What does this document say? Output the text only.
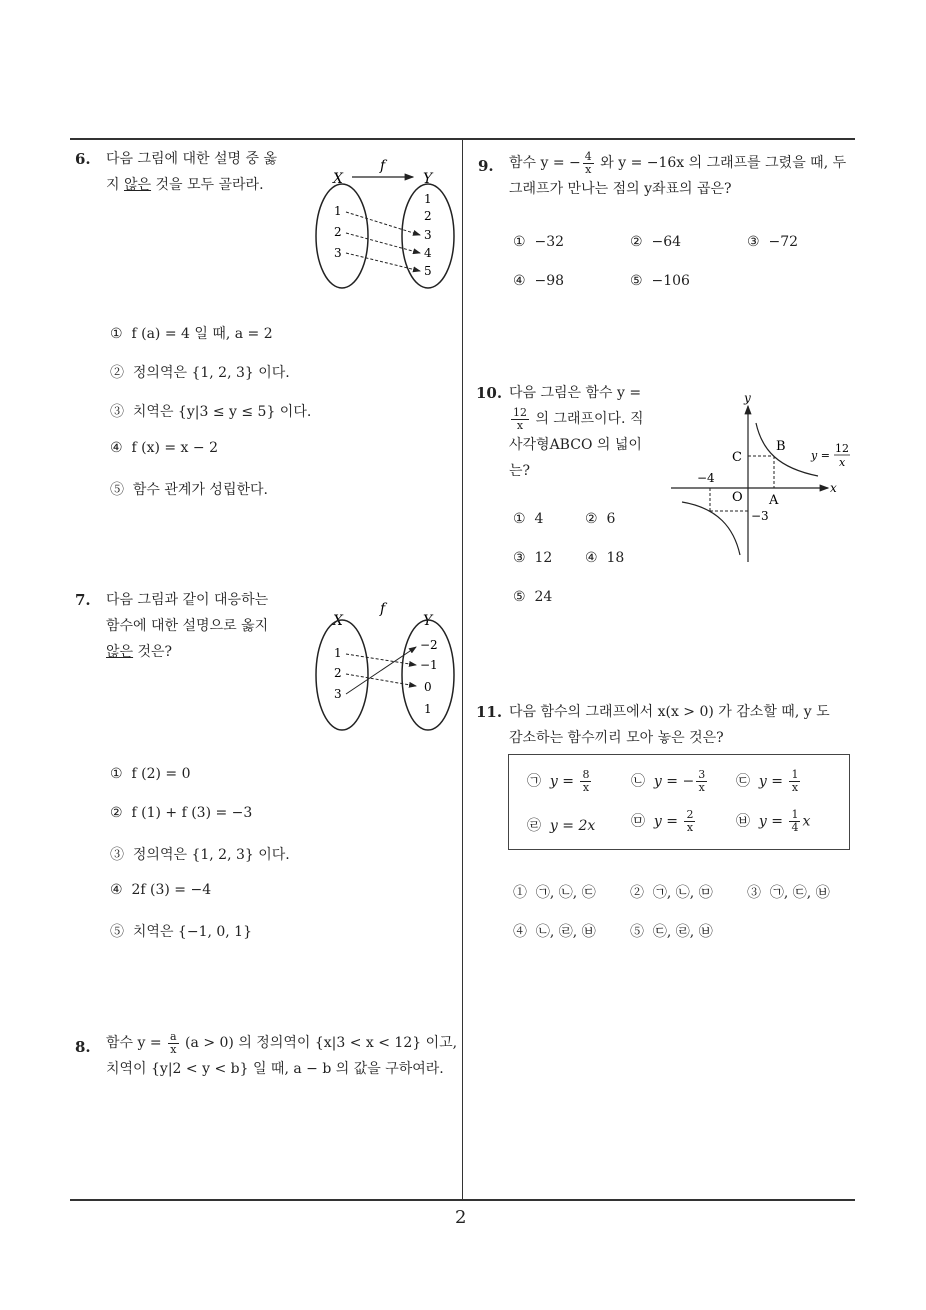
2
6. 다음 그림에 대한 설명 중 옳
지 않은 것을 모두 골라라.
f
X	Y
1
2
3
1
2
3
4
5
① f (a) = 4 일 때, a = 2
② 정의역은 {1, 2, 3} 이다.
③ 치역은 {y|3 ≤ y ≤ 5} 이다.
④ f (x) = x − 2
⑤ 함수 관계가 성립한다.
7. 다음 그림과 같이 대응하는
함수에 대한 설명으로 옳지
않은 것은?
f
X	Y
1
2
3
−2
−1
0
1
① f (2) = 0
② f (1) + f (3) = −3
③ 정의역은 {1, 2, 3} 이다.
④ 2f (3) = −4
⑤ 치역은 {−1, 0, 1}
8. 함수 $y = \frac{a}{x} (a > 0)$ 의 정의역이 {x|3 < x < 12} 이고,
치역이 {y|2 < y < b} 일 때, a − b 의 값을 구하여라.
9. 함수 y = − $\frac{4}{x}$ 와 y = −16x 의 그래프를 그렸을 때, 두
그래프가 만나는 점의 y좌표의 곱은?
① −32	② −64	③ −72
④ −98	⑤ −106
10. 다음 그림은 함수 y =

$\frac{12}{x}$ 의 그래프이다. 직
사각형ABCO 의 넓이
는?
y
x
C
B
O A
−4
−3
y =
12
x
① 4	② 6
③ 12 ④ 18
⑤ 24
11. 다음 함수의 그래프에서 x(x > 0) 가 감소할 때, y 도
감소하는 함수끼리 모아 놓은 것은?
㉠ $y = \frac{8}{x}$	㉡ y = − $\frac{3}{x}$ ㉢ $y = \frac{1}{x}$
㉣ y = 2x	㉤ $y = \frac{2}{x}$	㉥ $y = \frac{1}{4}$ x
① ㉠, ㉡, ㉢ ② ㉠, ㉡, ㉤ ③ ㉠, ㉢, ㉥
④ ㉡, ㉣, ㉥ ⑤ ㉢, ㉣, ㉥
